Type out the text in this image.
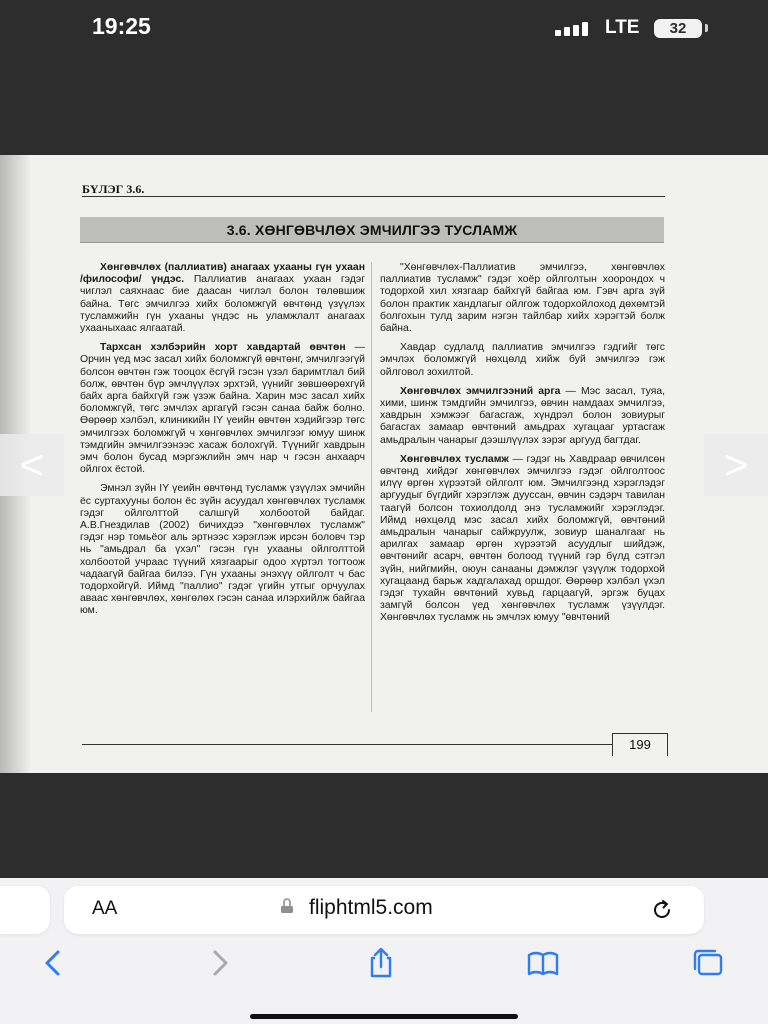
19:25	LTE	32
БҮЛЭГ 3.6.
3.6. ХӨНГӨВЧЛӨХ ЭМЧИЛГЭЭ ТУСЛАМЖ

Хөнгөвчлөх (паллиатив) анагаах ухааны гүн ухаан /философи/ үндэс. Паллиатив анагаах ухаан гэдэг чиглэл саяхнаас бие даасан чиглэл болон төлөвшиж байна. Төгс эмчилгээ хийх боломжгүй өвчтөнд үзүүлэх тусламжийн гүн ухааны үндэс нь уламжлалт анагаах ухааныхаас ялгаатай.

Тархсан хэлбэрийн хорт хавдартай өвчтөн — Орчин үед мэс засал хийх боломжгүй өвчтөнг, эмчилгээгүй болсон өвчтөн гэж тооцох ёсгүй гэсэн үзэл баримтлал бий болж, өвчтөн бүр эмчлүүлэх эрхтэй, үүнийг зөвшөөрөхгүй байх арга байхгүй гэж үзэж байна. Харин мэс засал хийх боломжгүй, төгс эмчлэх аргагүй гэсэн санаа байж болно. Өөрөөр хэлбэл, клиникийн IY үеийн өвчтөн хэдийгээр төгс эмчилгээх боломжгүй ч хөнгөвчлөх эмчилгээг юмуу шинж тэмдгийн эмчилгээнээс хасаж болохгүй. Түүнийг хавдрын эмч болон бусад мэргэжлийн эмч нар ч гэсэн анхаарч ойлгох ёстой.

Эмнэл зүйн IY үеийн өвчтөнд тусламж үзүүлэх эмчийн ёс суртахууны болон ёс зүйн асуудал хөнгөвчлөх тусламж гэдэг ойлголттой салшгүй холбоотой байдаг. А.В.Гнездилав (2002) бичихдээ "хөнгөвчлөх тусламж" гэдэг нэр томьёог аль эртнээс хэрэглэж ирсэн боловч тэр нь "амьдрал ба үхэл" гэсэн гүн ухааны ойлголттой холбоотой учраас түүний хязгаарыг одоо хүртэл тогтоож чадаагүй байгаа билээ. Гүн ухааны энэхүү ойлголт ч бас тодорхойгүй. Иймд "паллио" гэдэг үгийн утгыг орчуулах аваас хөнгөвчлөх, хөнгөлөх гэсэн санаа илэрхийлж байгаа юм.

"Хөнгөвчлөх-Паллиатив эмчилгээ, хөнгөвчлөх паллиатив тусламж" гэдэг хоёр ойлголтын хоорондох ч тодорхой хил хязгаар байхгүй байгаа юм. Гэвч арга зүй болон практик хандлагыг ойлгож тодорхойлоход дөхөмтэй болгохын тулд зарим нэгэн тайлбар хийх хэрэгтэй болж байна.

Хавдар судлалд паллиатив эмчилгээ гэдгийг төгс эмчлэх боломжгүй нөхцөлд хийж буй эмчилгээ гэж ойлговол зохилтой.

Хөнгөвчлөх эмчилгээний арга — Мэс засал, туяа, хими, шинж тэмдгийн эмчилгээ, өвчин намдаах эмчилгээ, хавдрын хэмжээг багасгаж, хүндрэл болон зовиурыг багасгах замаар өвчтөний амьдрах хугацааг уртасгаж амьдралын чанарыг дээшлүүлэх зэрэг аргууд багтдаг.

Хөнгөвчлөх тусламж — гэдэг нь Хавдраар өвчилсөн өвчтөнд хийдэг хөнгөвчлөх эмчилгээ гэдэг ойлголтоос илүү өргөн хүрээтэй ойлголт юм. Эмчилгээнд хэрэглэдэг аргуудыг бүгдийг хэрэглэж дууссан, өвчин сэдэрч тавилан таагүй болсон тохиолдолд энэ тусламжийг хэрэглэдэг. Иймд нөхцөлд мэс засал хийх боломжгүй, өвчтөний амьдралын чанарыг сайжруулж, зовиур шаналгааг нь арилгах замаар өргөн хүрээтэй асуудлыг шийдэж, өвчтөнийг асарч, өвчтөн болоод түүний гэр бүлд сэтгэл зүйн, нийгмийн, оюун санааны дэмжлэг үзүүлж тодорхой хугацаанд барьж хадгалахад оршдог. Өөрөөр хэлбэл үхэл гэдэг тухайн өвчтөний хувьд гарцаагүй, эргэж буцах замгүй болсон үед хөнгөвчлөх тусламж үзүүлдэг. Хөнгөвчлөх тусламж нь эмчлэх юмуу "өвчтөний

199
<	>
AA	fliphtml5.com
